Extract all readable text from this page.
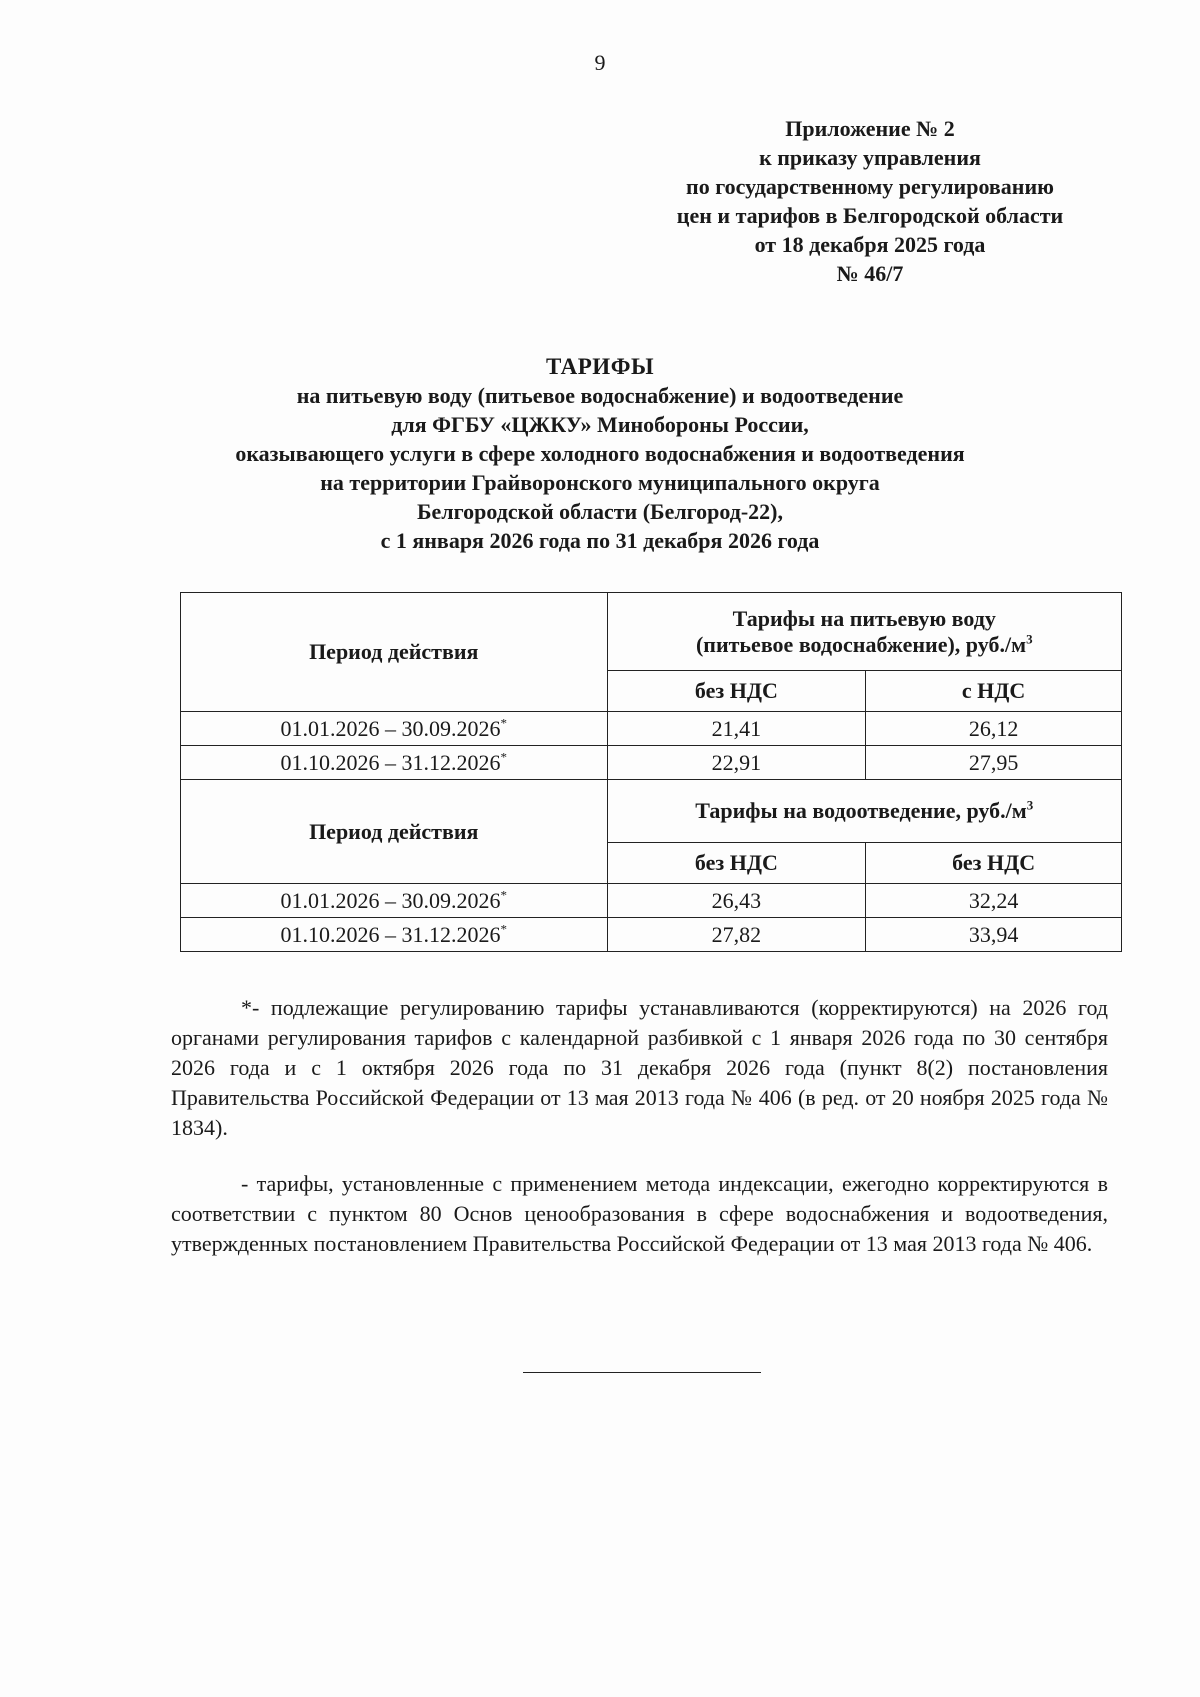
9
Приложение № 2
к приказу управления
по государственному регулированию
цен и тарифов в Белгородской области
от 18 декабря 2025 года
№ 46/7
ТАРИФЫ
на питьевую воду (питьевое водоснабжение) и водоотведение
для ФГБУ «ЦЖКУ» Минобороны России,
оказывающего услуги в сфере холодного водоснабжения и водоотведения
на территории Грайворонского муниципального округа
Белгородской области (Белгород-22),
с 1 января 2026 года по 31 декабря 2026 года
Период действия	Тарифы на питьевую воду
(питьевое водоснабжение), $руб./м^3$
	без НДС	с НДС
01.01.2026 – 30.09.2026*	21,41	26,12
01.10.2026 – 31.12.2026*	22,91	27,95
Период действия	Тарифы на водоотведение, $руб./м^3$
	без НДС	без НДС
01.01.2026 – 30.09.2026*	26,43	32,24
01.10.2026 – 31.12.2026*	27,82	33,94

*- подлежащие регулированию тарифы устанавливаются (корректируются) на 2026 год органами регулирования тарифов с календарной разбивкой с 1 января 2026 года по 30 сентября 2026 года и с 1 октября 2026 года по 31 декабря 2026 года (пункт 8(2) постановления Правительства Российской Федерации от 13 мая 2013 года № 406 (в ред. от 20 ноября 2025 года № 1834).

- тарифы, установленные с применением метода индексации, ежегодно корректируются в соответствии с пунктом 80 Основ ценообразования в сфере водоснабжения и водоотведения, утвержденных постановлением Правительства Российской Федерации от 13 мая 2013 года № 406.
